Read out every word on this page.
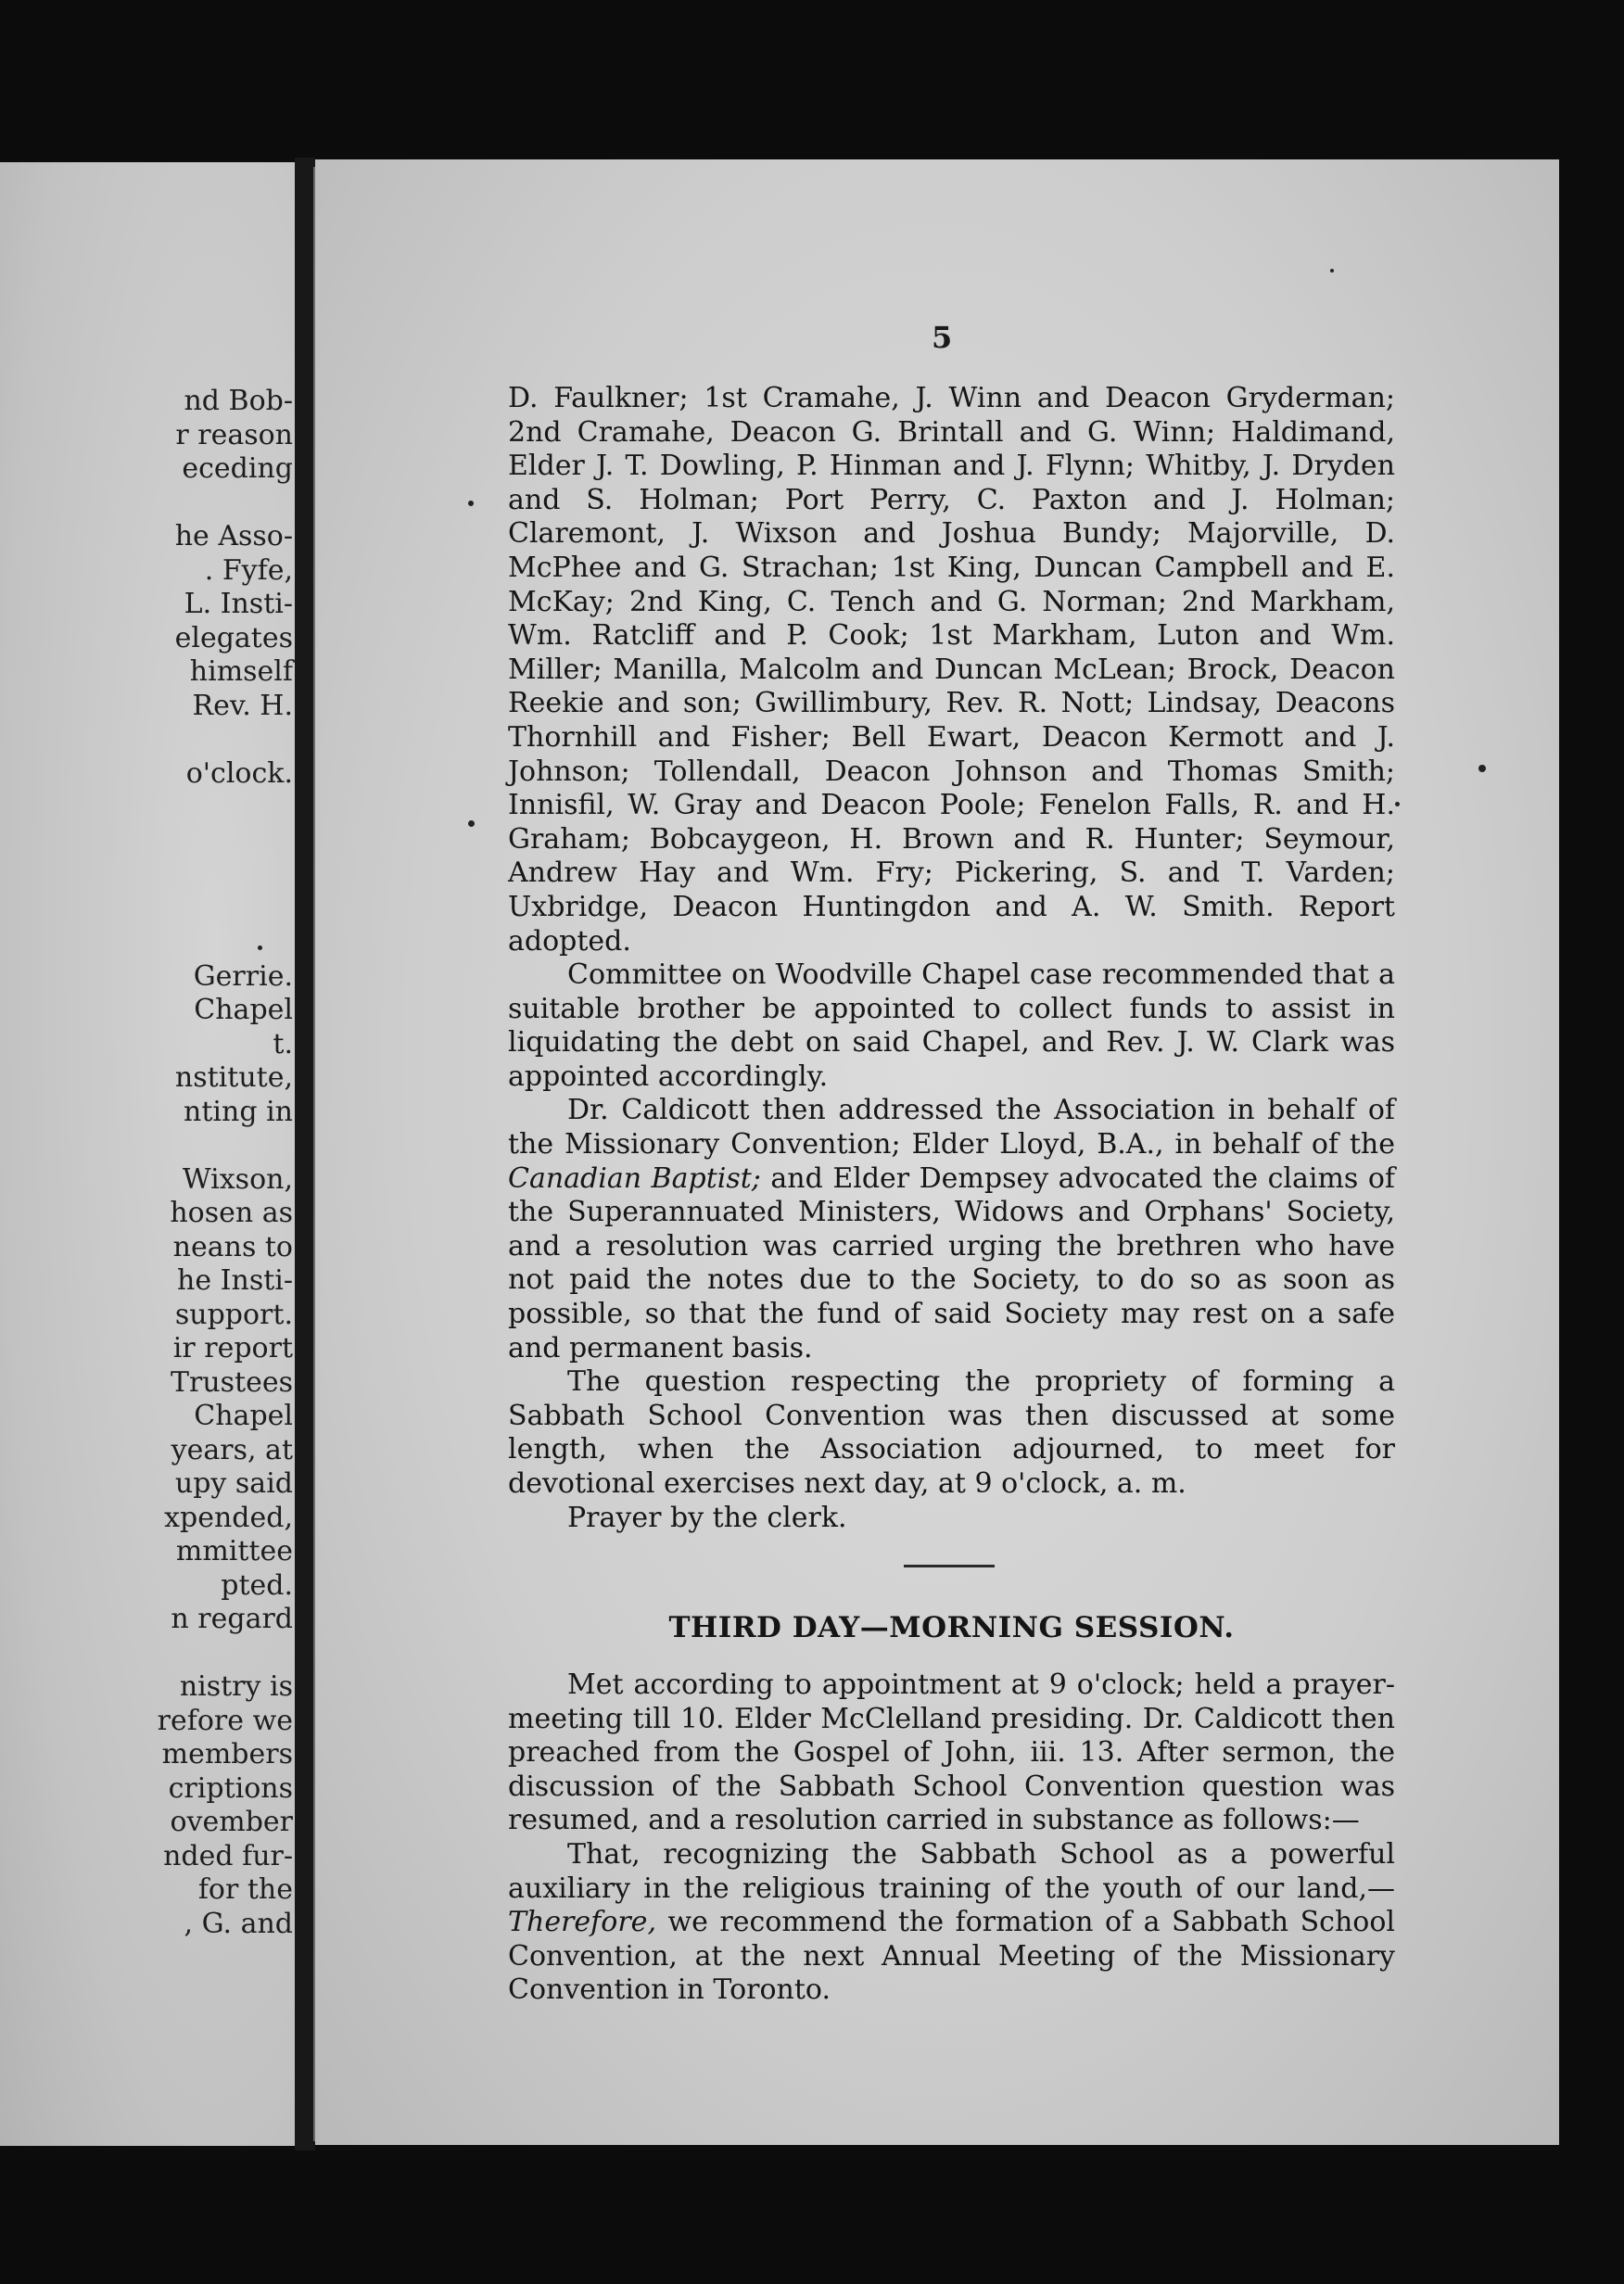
nd Bob-
r reason
eceding
he Asso-
. Fyfe,
L. Insti-
elegates
himself
Rev. H.
o'clock.
Gerrie.
Chapel
t.
nstitute,
nting in
Wixson,
hosen as
neans to
he Insti-
support.
ir report
Trustees
Chapel
years, at
upy said
xpended,
mmittee
pted.
n regard
nistry is
refore we
members
criptions
ovember
nded fur-
for the
, G. and
5

D. Faulkner; 1st Cramahe, J. Winn and Deacon Gryderman; 2nd Cramahe, Deacon G. Brintall and G. Winn; Haldimand, Elder J. T. Dowling, P. Hinman and J. Flynn; Whitby, J. Dryden and S. Holman; Port Perry, C. Paxton and J. Holman; Claremont, J. Wixson and Joshua Bundy; Majorville, D. McPhee and G. Strachan; 1st King, Duncan Campbell and E. McKay; 2nd King, C. Tench and G. Norman; 2nd Markham, Wm. Ratcliff and P. Cook; 1st Markham, Luton and Wm. Miller; Manilla, Malcolm and Duncan McLean; Brock, Deacon Reekie and son; Gwillimbury, Rev. R. Nott; Lindsay, Deacons Thornhill and Fisher; Bell Ewart, Deacon Kermott and J. Johnson; Tollendall, Deacon Johnson and Thomas Smith; Innisfil, W. Gray and Deacon Poole; Fenelon Falls, R. and H. Graham; Bobcaygeon, H. Brown and R. Hunter; Seymour, Andrew Hay and Wm. Fry; Pickering, S. and T. Varden; Uxbridge, Deacon Huntingdon and A. W. Smith. Report adopted.

Committee on Woodville Chapel case recommended that a suitable brother be appointed to collect funds to assist in liquidating the debt on said Chapel, and Rev. J. W. Clark was appointed accordingly.

Dr. Caldicott then addressed the Association in behalf of the Missionary Convention; Elder Lloyd, B.A., in behalf of the Canadian Baptist; and Elder Dempsey advocated the claims of the Superannuated Ministers, Widows and Orphans' Society, and a resolution was carried urging the brethren who have not paid the notes due to the Society, to do so as soon as possible, so that the fund of said Society may rest on a safe and permanent basis.

The question respecting the propriety of forming a Sabbath School Convention was then discussed at some length, when the Association adjourned, to meet for devotional exercises next day, at 9 o'clock, a. m.

Prayer by the clerk.

THIRD DAY—MORNING SESSION.

Met according to appointment at 9 o'clock; held a prayer-meeting till 10. Elder McClelland presiding. Dr. Caldicott then preached from the Gospel of John, iii. 13. After sermon, the discussion of the Sabbath School Convention question was resumed, and a resolution carried in substance as follows:—

That, recognizing the Sabbath School as a powerful auxiliary in the religious training of the youth of our land,—Therefore, we recommend the formation of a Sabbath School Convention, at the next Annual Meeting of the Missionary Convention in Toronto.
